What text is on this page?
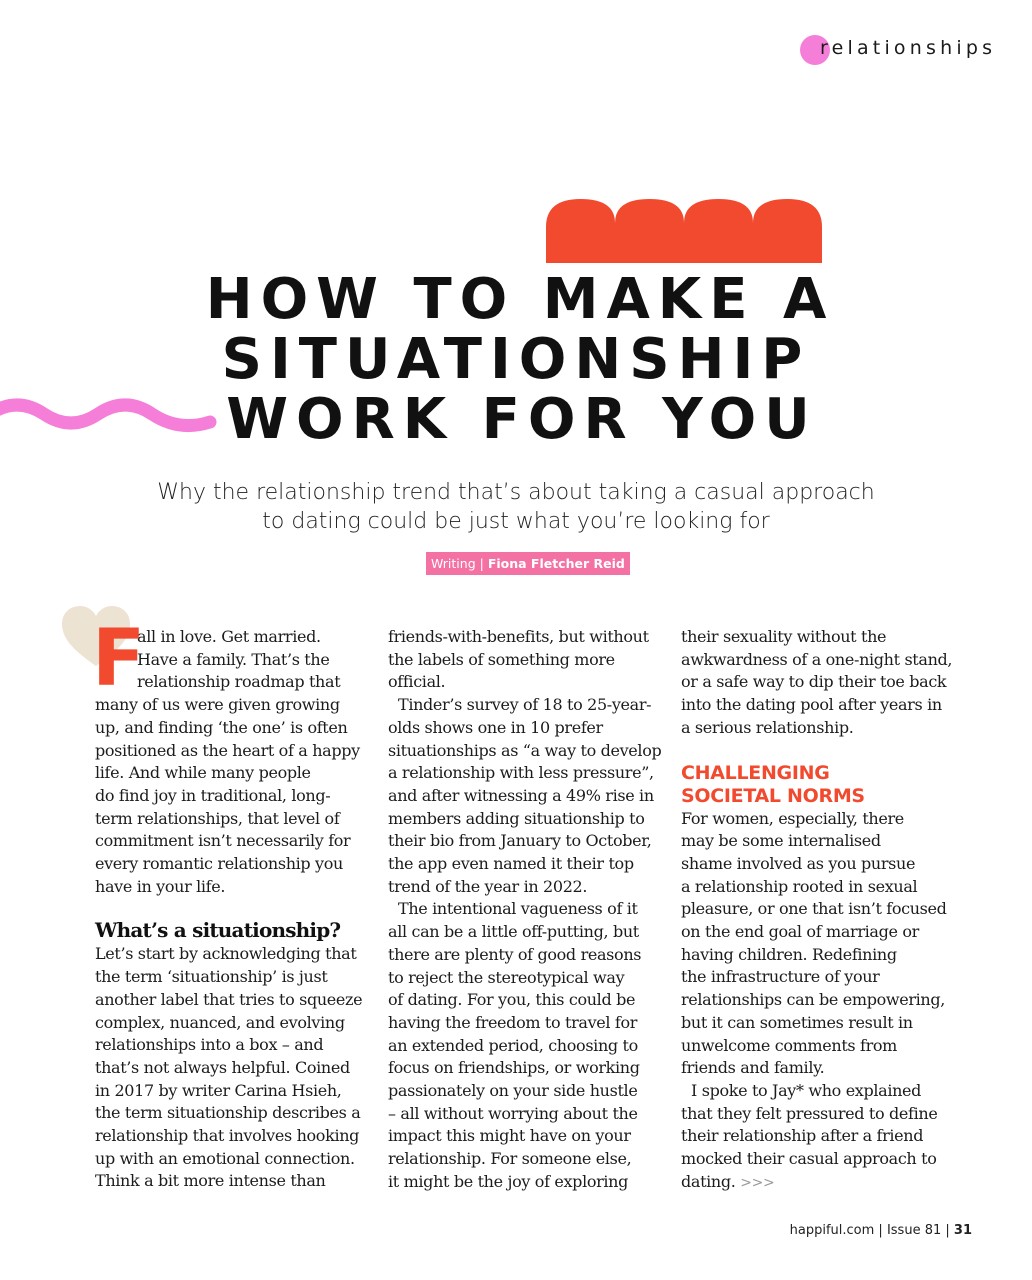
relationships
HOW TO MAKE A
SITUATIONSHIP
WORK FOR YOU

Why the relationship trend that’s about taking a casual approach

to dating could be just what you’re looking for

Writing | Fiona Fletcher Reid
F
all in love. Get married.
Have a family. That’s the
relationship roadmap that
many of us were given growing
up, and finding ‘the one’ is often
positioned as the heart of a happy
life. And while many people
do find joy in traditional, long-
term relationships, that level of
commitment isn’t necessarily for
every romantic relationship you
have in your life.
What’s a situationship?
Let’s start by acknowledging that
the term ‘situationship’ is just
another label that tries to squeeze
complex, nuanced, and evolving
relationships into a box – and
that’s not always helpful. Coined
in 2017 by writer Carina Hsieh,
the term situationship describes a
relationship that involves hooking
up with an emotional connection.
Think a bit more intense than
friends-with-benefits, but without
the labels of something more
official.
Tinder’s survey of 18 to 25-year-
olds shows one in 10 prefer
situationships as “a way to develop
a relationship with less pressure”,
and after witnessing a 49% rise in
members adding situationship to
their bio from January to October,
the app even named it their top
trend of the year in 2022.
The intentional vagueness of it
all can be a little off-putting, but
there are plenty of good reasons
to reject the stereotypical way
of dating. For you, this could be
having the freedom to travel for
an extended period, choosing to
focus on friendships, or working
passionately on your side hustle
– all without worrying about the
impact this might have on your
relationship. For someone else,
it might be the joy of exploring
their sexuality without the
awkwardness of a one-night stand,
or a safe way to dip their toe back
into the dating pool after years in
a serious relationship.
CHALLENGING
SOCIETAL NORMS
For women, especially, there
may be some internalised
shame involved as you pursue
a relationship rooted in sexual
pleasure, or one that isn’t focused
on the end goal of marriage or
having children. Redefining
the infrastructure of your
relationships can be empowering,
but it can sometimes result in
unwelcome comments from
friends and family.
I spoke to Jay* who explained
that they felt pressured to define
their relationship after a friend
mocked their casual approach to
dating. >>>
happiful.com | Issue 81 | 31
